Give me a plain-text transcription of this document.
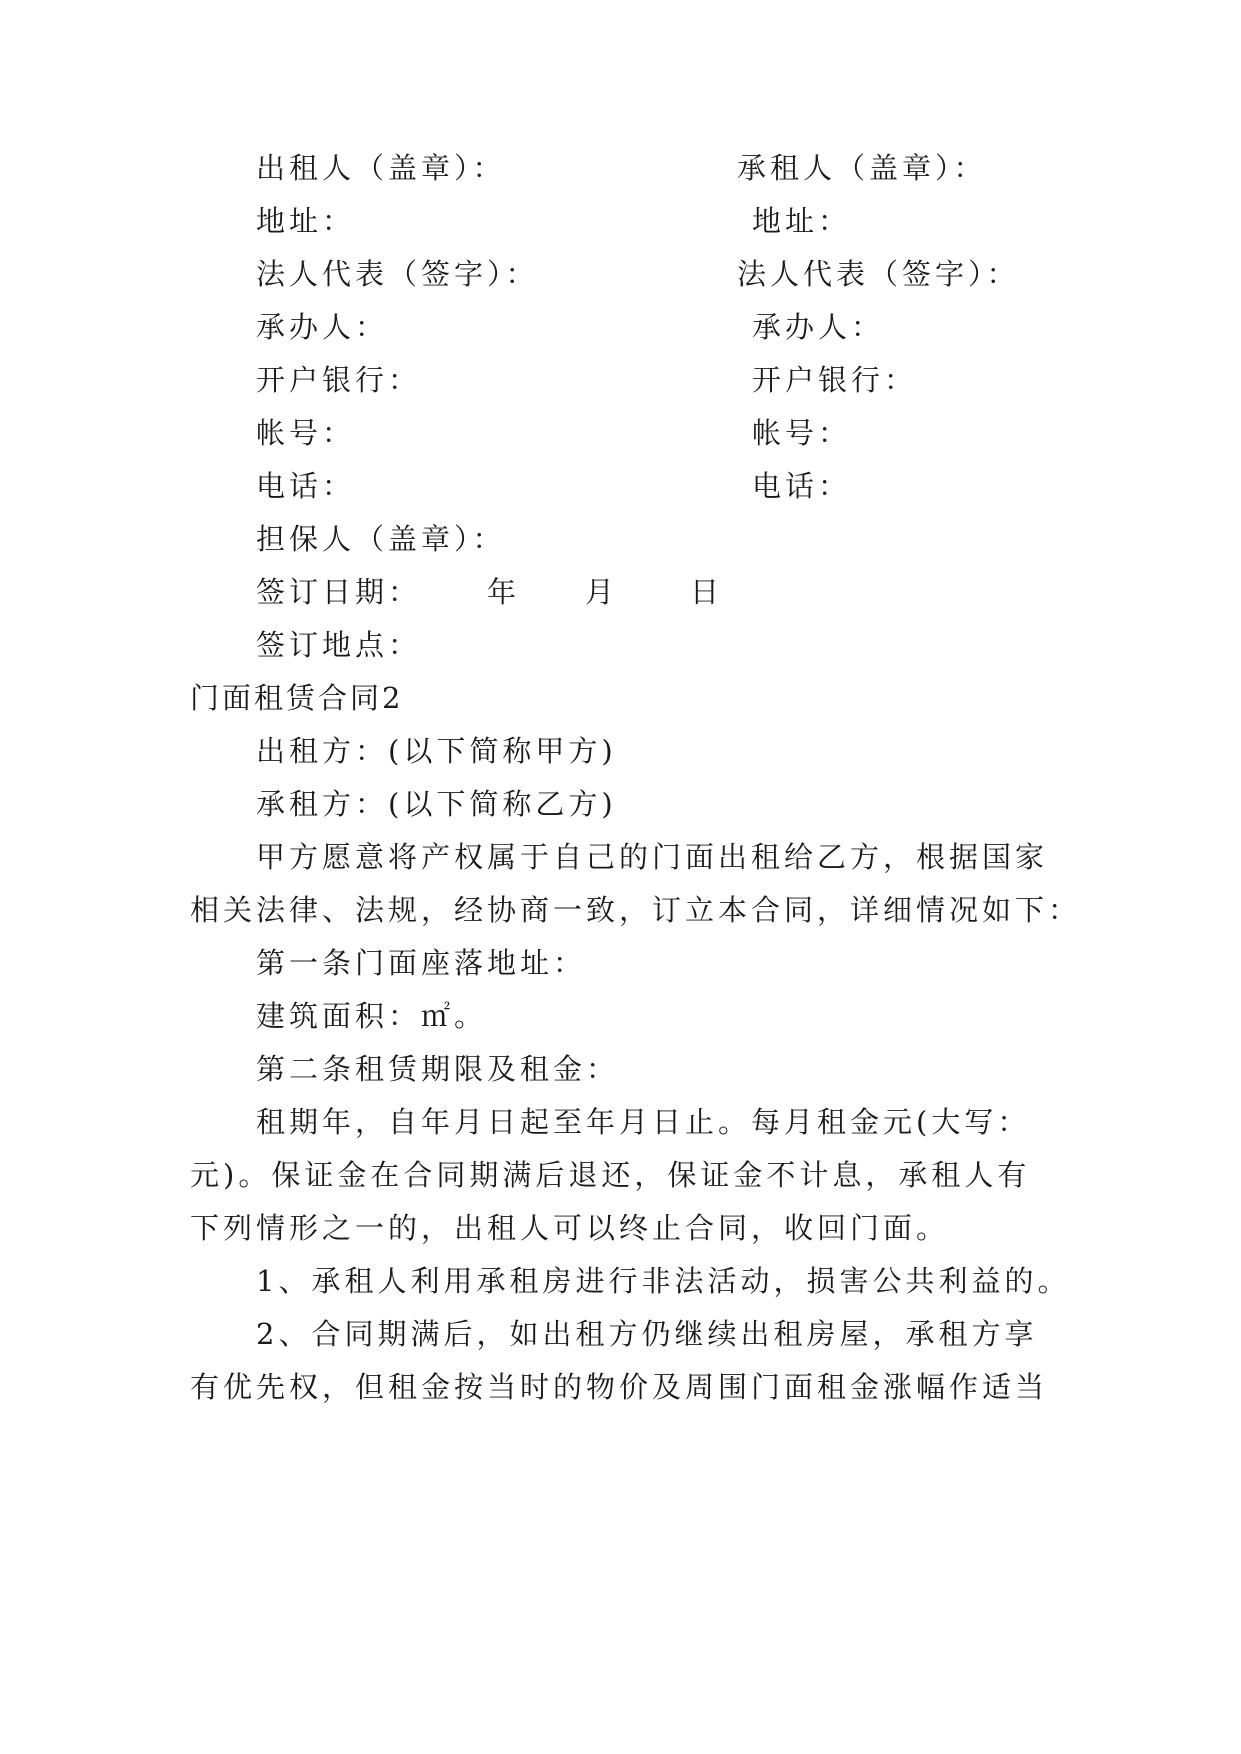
出租人（盖章）：
地址：
法人代表（签字）：
承办人：
开户银行：
帐号：
电话：
承租人（盖章）：
地址：
法人代表（签字）：
承办人：
开户银行：
帐号：
电话：
担保人（盖章）：
签订日期： 年 月 日
签订地点：
门面租赁合同2
出租方：(以下简称甲方)
承租方：(以下简称乙方)
甲方愿意将产权属于自己的门面出租给乙方，根据国家
相关法律、法规，经协商一致，订立本合同，详细情况如下：
第一条门面座落地址：
建筑面积：㎡。
第二条租赁期限及租金：
租期年，自年月日起至年月日止。每月租金元(大写：
元)。保证金在合同期满后退还，保证金不计息，承租人有
下列情形之一的，出租人可以终止合同，收回门面。
1、承租人利用承租房进行非法活动，损害公共利益的。
2、合同期满后，如出租方仍继续出租房屋，承租方享
有优先权，但租金按当时的物价及周围门面租金涨幅作适当
